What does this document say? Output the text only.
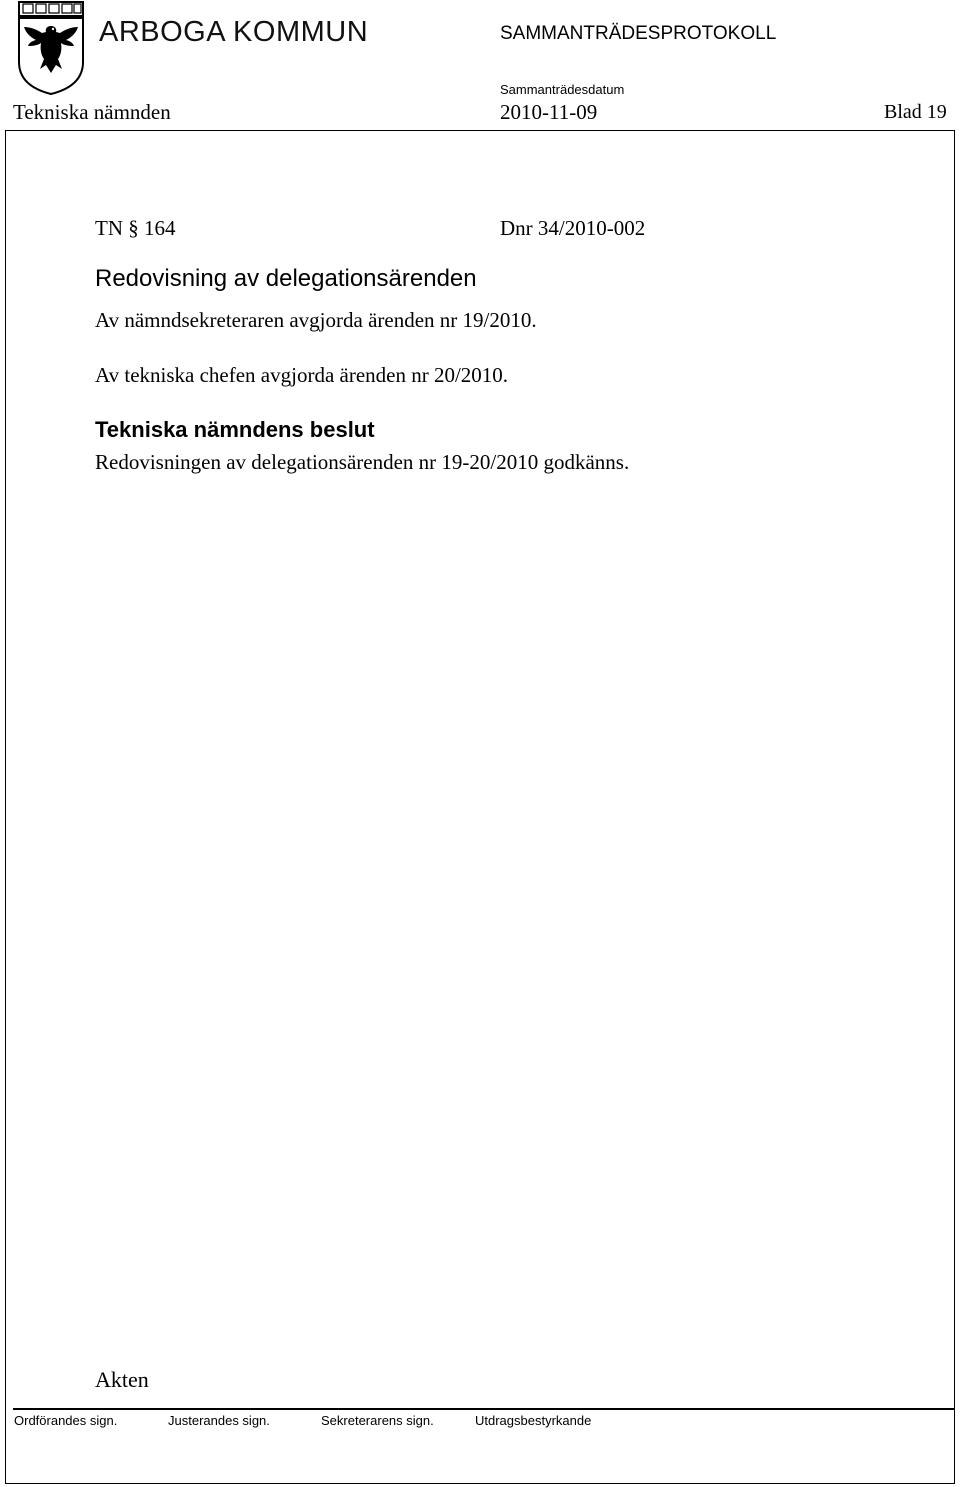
ARBOGA KOMMUN	SAMMANTRÄDESPROTOKOLL
Sammanträdesdatum
Tekniska nämnden	2010-11-09	Blad 19
TN § 164	Dnr 34/2010-002
Redovisning av delegationsärenden
Av nämndsekreteraren avgjorda ärenden nr 19/2010.
Av tekniska chefen avgjorda ärenden nr 20/2010.
Tekniska nämndens beslut
Redovisningen av delegationsärenden nr 19-20/2010 godkänns.
Akten
Ordförandes sign.	Justerandes sign.	Sekreterarens sign.	Utdragsbestyrkande
